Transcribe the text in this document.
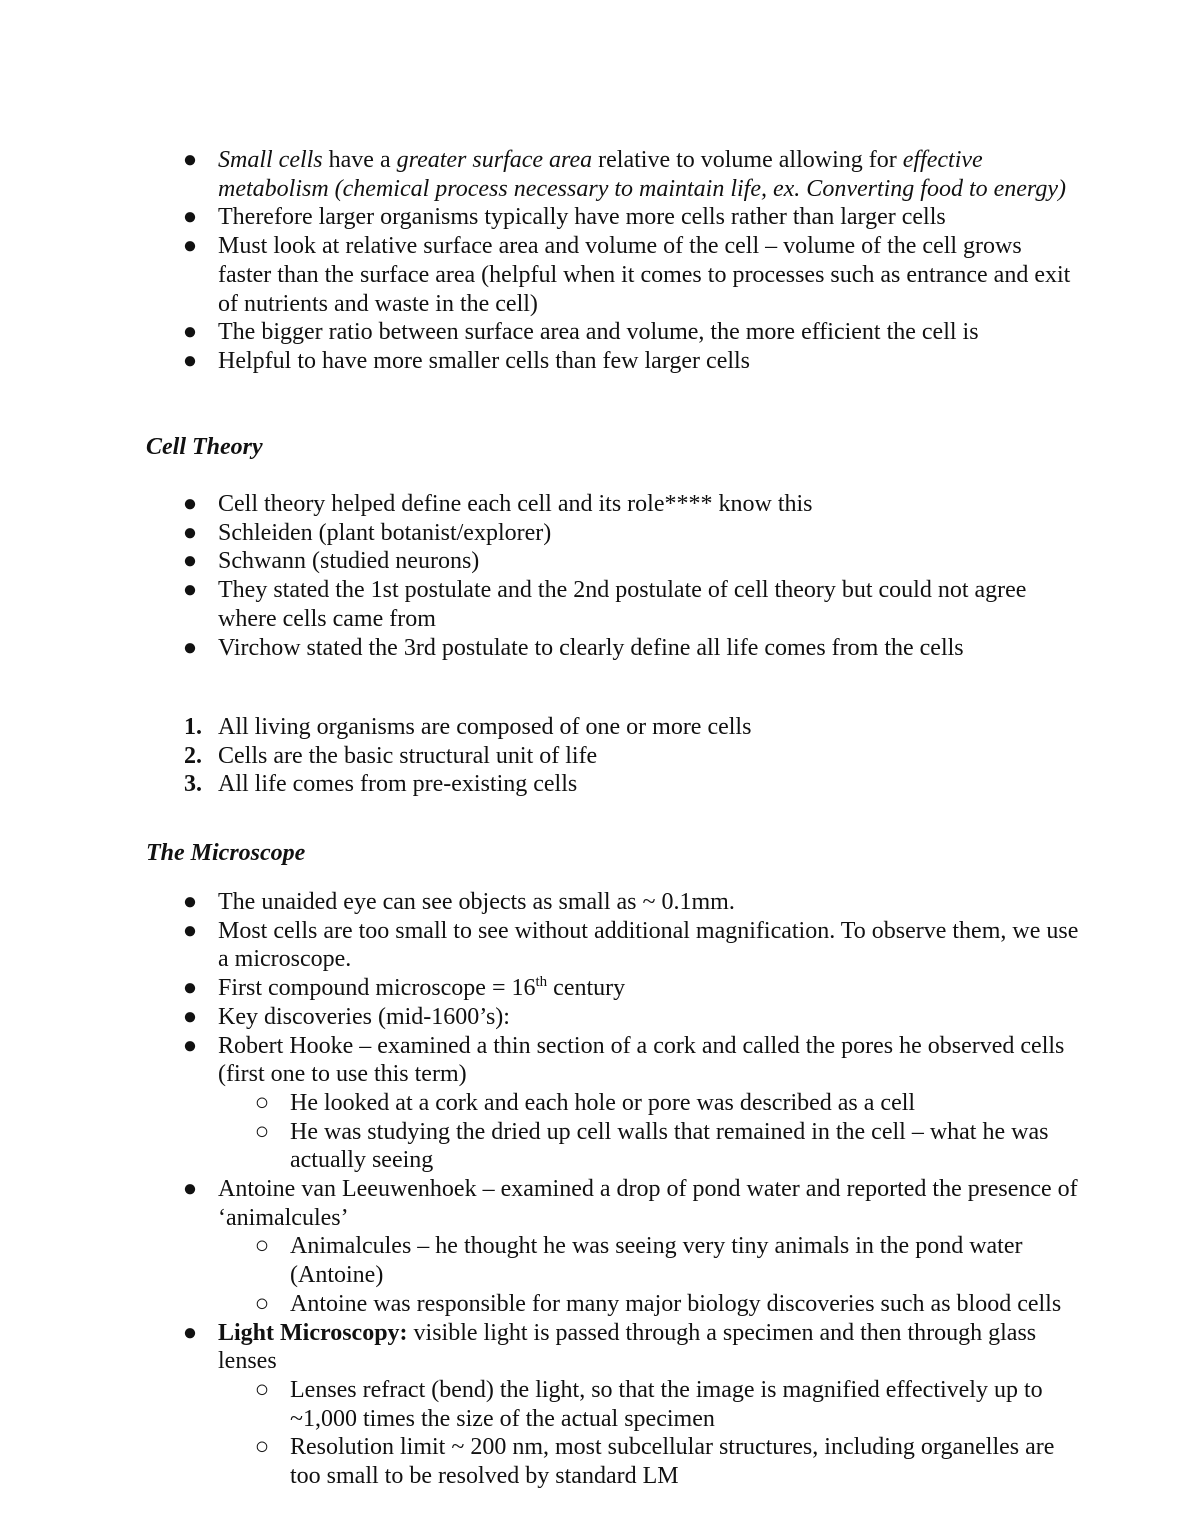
● Small cells have a greater surface area relative to volume allowing for effective metabolism (chemical process necessary to maintain life, ex. Converting food to energy)
● Therefore larger organisms typically have more cells rather than larger cells
● Must look at relative surface area and volume of the cell – volume of the cell grows faster than the surface area (helpful when it comes to processes such as entrance and exit of nutrients and waste in the cell)
● The bigger ratio between surface area and volume, the more efficient the cell is
● Helpful to have more smaller cells than few larger cells
Cell Theory
● Cell theory helped define each cell and its role**** know this
● Schleiden (plant botanist/explorer)
● Schwann (studied neurons)
● They stated the 1st postulate and the 2nd postulate of cell theory but could not agree where cells came from
● Virchow stated the 3rd postulate to clearly define all life comes from the cells
1. All living organisms are composed of one or more cells
2. Cells are the basic structural unit of life
3. All life comes from pre-existing cells
The Microscope
● The unaided eye can see objects as small as ~ 0.1mm.
● Most cells are too small to see without additional magnification. To observe them, we use a microscope.
● First compound microscope = 16th century
● Key discoveries (mid-1600’s):
● Robert Hooke – examined a thin section of a cork and called the pores he observed cells (first one to use this term)
○ He looked at a cork and each hole or pore was described as a cell
○ He was studying the dried up cell walls that remained in the cell – what he was actually seeing
● Antoine van Leeuwenhoek – examined a drop of pond water and reported the presence of ‘animalcules’
○ Animalcules – he thought he was seeing very tiny animals in the pond water (Antoine)
○ Antoine was responsible for many major biology discoveries such as blood cells
● Light Microscopy: visible light is passed through a specimen and then through glass lenses
○ Lenses refract (bend) the light, so that the image is magnified effectively up to ~1,000 times the size of the actual specimen
○ Resolution limit ~ 200 nm, most subcellular structures, including organelles are too small to be resolved by standard LM
